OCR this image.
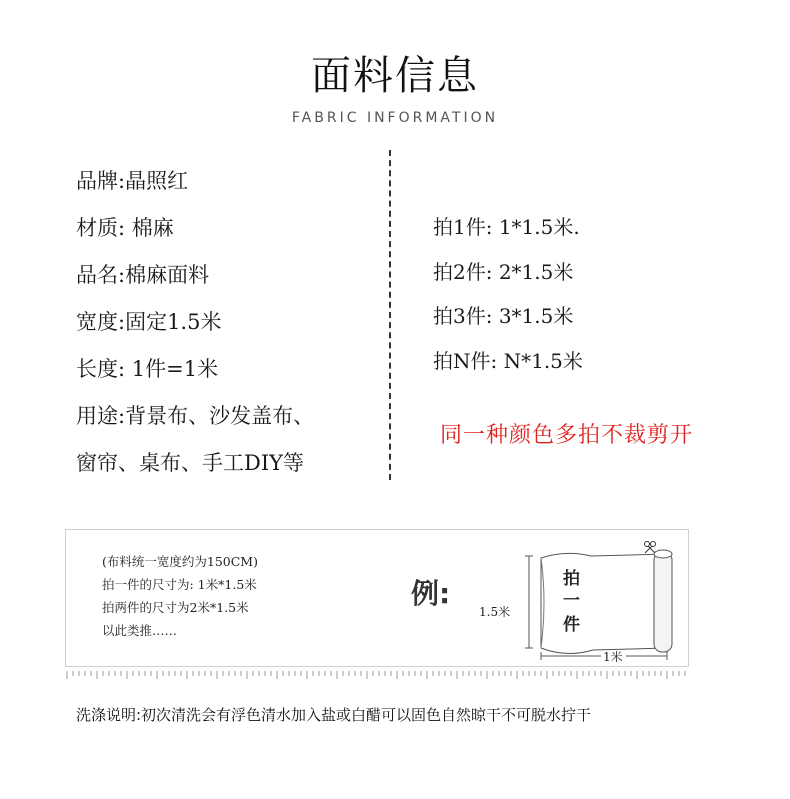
面料信息
FABRIC INFORMATION
品牌:晶照红
材质: 棉麻
品名:棉麻面料
宽度:固定1.5米
长度: 1件=1米
用途:背景布、沙发盖布、
窗帘、桌布、手工DIY等
拍1件: 1*1.5米.
拍2件: 2*1.5米
拍3件: 3*1.5米
拍N件: N*1.5米
同一种颜色多拍不裁剪开
(布料统一宽度约为150CM)
拍一件的尺寸为: 1米*1.5米
拍两件的尺寸为2米*1.5米
以此类推……
例:
1.5米
拍
一
件
1米
洗涤说明:初次清洗会有浮色清水加入盐或白醋可以固色自然晾干不可脱水拧干
